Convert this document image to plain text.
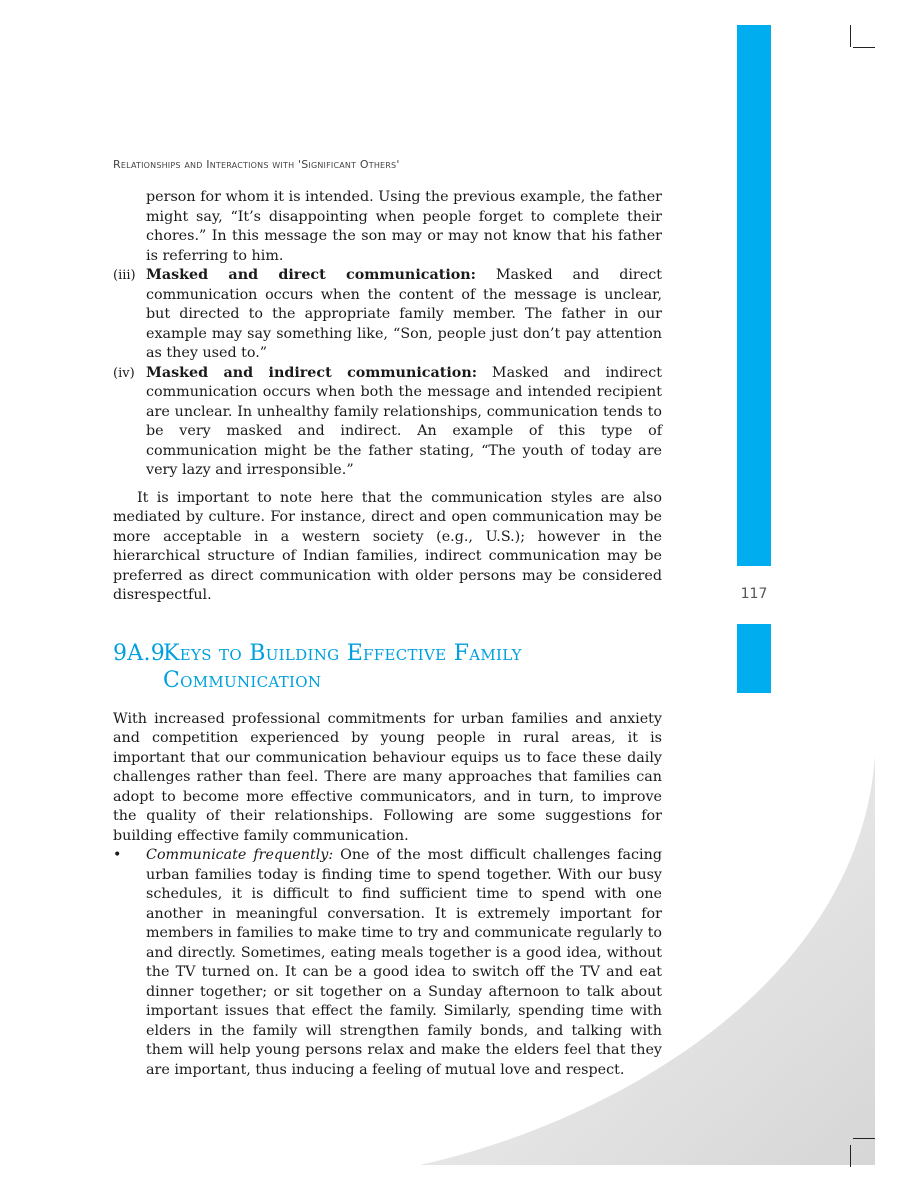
117
Relationships and Interactions with 'Significant Others'
person for whom it is intended. Using the previous example, the father might say, “It’s disappointing when people forget to complete their chores.” In this message the son may or may not know that his father is referring to him.
(iii) Masked and direct communication: Masked and direct communication occurs when the content of the message is unclear, but directed to the appropriate family member. The father in our example may say something like, “Son, people just don’t pay attention as they used to.”
(iv) Masked and indirect communication: Masked and indirect communication occurs when both the message and intended recipient are unclear. In unhealthy family relationships, communication tends to be very masked and indirect. An example of this type of communication might be the father stating, “The youth of today are very lazy and irresponsible.”
It is important to note here that the communication styles are also mediated by culture. For instance, direct and open communication may be more acceptable in a western society (e.g., U.S.); however in the hierarchical structure of Indian families, indirect communication may be preferred as direct communication with older persons may be considered disrespectful.
9A.9
Keys to Building Effective Family Communication
With increased professional commitments for urban families and anxiety and competition experienced by young people in rural areas, it is important that our communication behaviour equips us to face these daily challenges rather than feel. There are many approaches that families can adopt to become more effective communicators, and in turn, to improve the quality of their relationships. Following are some suggestions for building effective family communication.
• Communicate frequently: One of the most difficult challenges facing urban families today is finding time to spend together. With our busy schedules, it is difficult to find sufficient time to spend with one another in meaningful conversation. It is extremely important for members in families to make time to try and communicate regularly to and directly. Sometimes, eating meals together is a good idea, without the TV turned on. It can be a good idea to switch off the TV and eat dinner together; or sit together on a Sunday afternoon to talk about important issues that effect the family. Similarly, spending time with elders in the family will strengthen family bonds, and talking with them will help young persons relax and make the elders feel that they are important, thus inducing a feeling of mutual love and respect.
